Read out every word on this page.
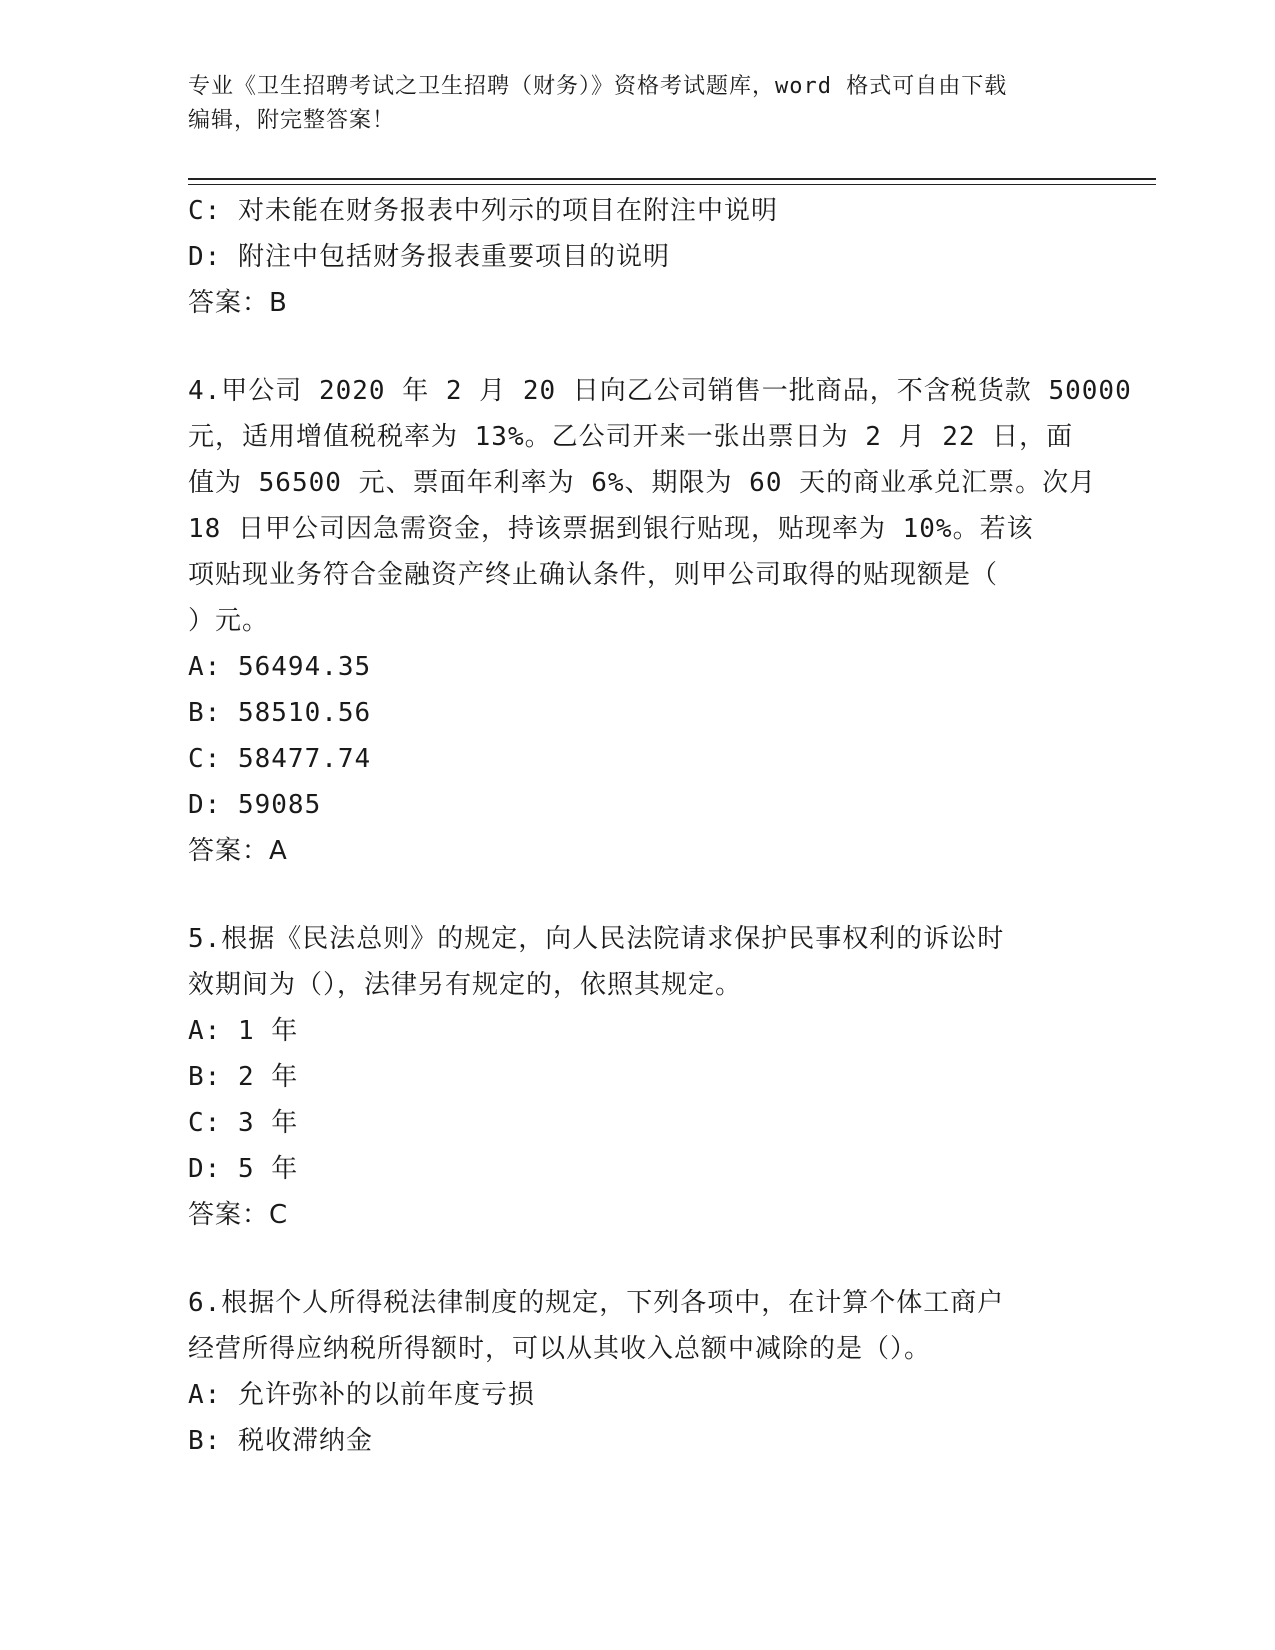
专业《卫生招聘考试之卫生招聘（财务）》资格考试题库，word 格式可自由下载
编辑，附完整答案！
C: 对未能在财务报表中列示的项目在附注中说明
D: 附注中包括财务报表重要项目的说明
答案：B
4.甲公司 2020 年 2 月 20 日向乙公司销售一批商品，不含税货款 50000
元，适用增值税税率为 13%。乙公司开来一张出票日为 2 月 22 日，面
值为 56500 元、票面年利率为 6%、期限为 60 天的商业承兑汇票。次月
18 日甲公司因急需资金，持该票据到银行贴现，贴现率为 10%。若该
项贴现业务符合金融资产终止确认条件，则甲公司取得的贴现额是（
）元。
A: 56494.35
B: 58510.56
C: 58477.74
D: 59085
答案：A
5.根据《民法总则》的规定，向人民法院请求保护民事权利的诉讼时
效期间为（），法律另有规定的，依照其规定。
A: 1 年
B: 2 年
C: 3 年
D: 5 年
答案：C
6.根据个人所得税法律制度的规定，下列各项中，在计算个体工商户
经营所得应纳税所得额时，可以从其收入总额中减除的是（）。
A: 允许弥补的以前年度亏损
B: 税收滞纳金
